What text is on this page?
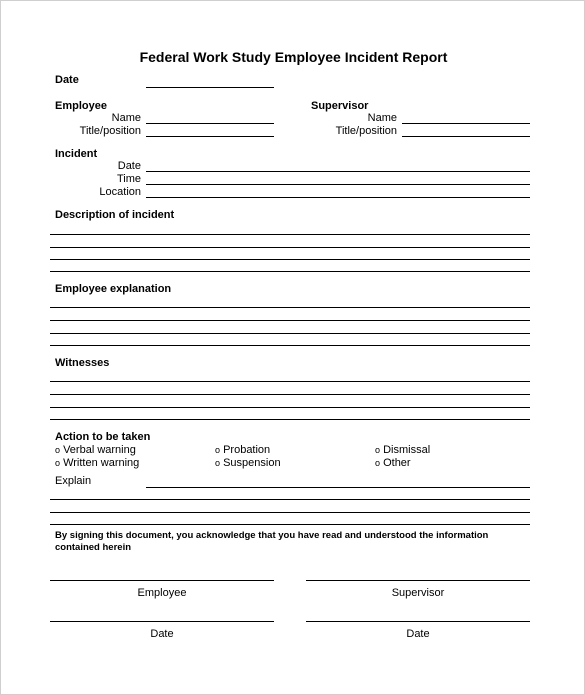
Federal Work Study Employee Incident Report
Date
Employee
Name
Title/position
Supervisor
Name
Title/position
Incident
Date
Time
Location
Description of incident
Employee explanation
Witnesses
Action to be taken
o Verbal warning
o Written warning
o Probation
o Suspension
o Dismissal
o Other
Explain
By signing this document, you acknowledge that you have read and understood the information contained herein
Employee	Supervisor
Date	Date
